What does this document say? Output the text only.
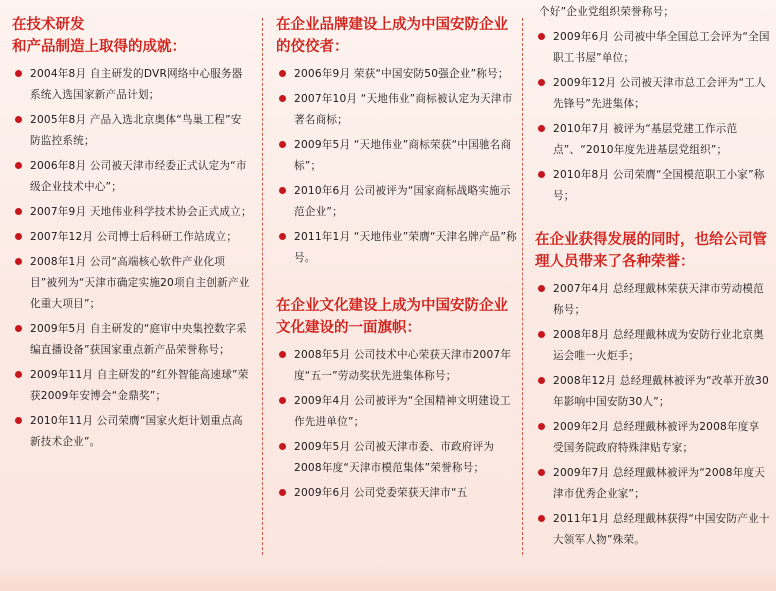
在技术研发
和产品制造上取得的成就：
2004年8月 自主研发的DVR网络中心服务器系统入选国家新产品计划；
2005年8月 产品入选北京奥体“鸟巢工程”安防监控系统；
2006年8月 公司被天津市经委正式认定为“市级企业技术中心”；
2007年9月 天地伟业科学技术协会正式成立；
2007年12月 公司博士后科研工作站成立；
2008年1月 公司“高端核心软件产业化项目”被列为“天津市确定实施20项自主创新产业化重大项目”；
2009年5月 自主研发的“庭审中央集控数字采编直播设备”获国家重点新产品荣誉称号；
2009年11月 自主研发的“红外智能高速球”荣获2009年安博会“金鼎奖”；
2010年11月 公司荣膺“国家火炬计划重点高新技术企业”。
在企业品牌建设上成为中国安防企业的佼佼者：
2006年9月 荣获“中国安防50强企业”称号；
2007年10月 “天地伟业”商标被认定为天津市著名商标；
2009年5月 “天地伟业”商标荣获“中国驰名商标”；
2010年6月 公司被评为“国家商标战略实施示范企业”；
2011年1月 “天地伟业”荣膺“天津名牌产品”称号。
在企业文化建设上成为中国安防企业文化建设的一面旗帜：
2008年5月 公司技术中心荣获天津市2007年度“五一”劳动奖状先进集体称号；
2009年4月 公司被评为“全国精神文明建设工作先进单位”；
2009年5月 公司被天津市委、市政府评为2008年度“天津市模范集体”荣誉称号；
2009年6月 公司党委荣获天津市“五
个好”企业党组织荣誉称号；
2009年6月 公司被中华全国总工会评为“全国职工书屋”单位；
2009年12月 公司被天津市总工会评为“工人先锋号”先进集体；
2010年7月 被评为“基层党建工作示范点”、“2010年度先进基层党组织”；
2010年8月 公司荣膺“全国模范职工小家”称号；
在企业获得发展的同时，也给公司管理人员带来了各种荣誉：
2007年4月 总经理戴林荣获天津市劳动模范称号；
2008年8月 总经理戴林成为安防行业北京奥运会唯一火炬手；
2008年12月 总经理戴林被评为“改革开放30年影响中国安防30人”；
2009年2月 总经理戴林被评为2008年度享受国务院政府特殊津贴专家；
2009年7月 总经理戴林被评为“2008年度天津市优秀企业家”；
2011年1月 总经理戴林获得“中国安防产业十大领军人物”殊荣。
